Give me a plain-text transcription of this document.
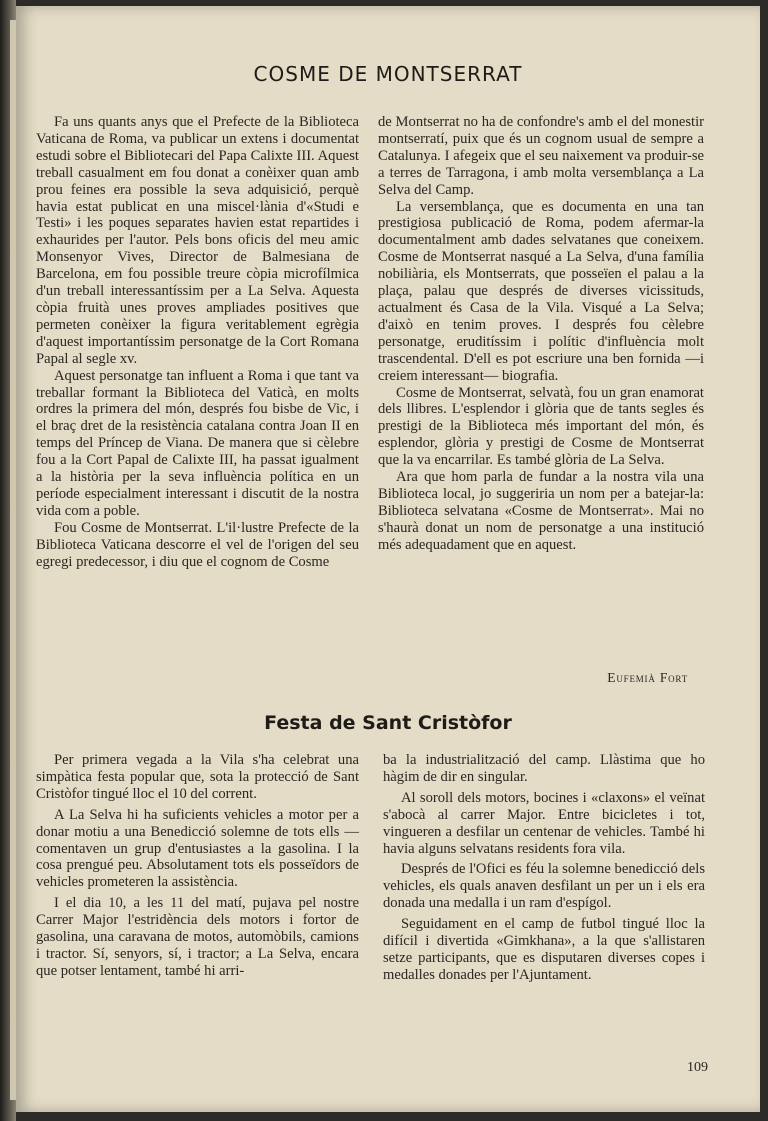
COSME DE MONTSERRAT

Fa uns quants anys que el Prefecte de la Biblioteca Vaticana de Roma, va publicar un extens i documentat estudi sobre el Bibliotecari del Papa Calixte III. Aquest treball casualment em fou donat a conèixer quan amb prou feines era possible la seva adquisició, perquè havia estat publicat en una miscel·lània d'«Studi e Testi» i les poques separates havien estat repartides i exhaurides per l'autor. Pels bons oficis del meu amic Monsenyor Vives, Director de Balmesiana de Barcelona, em fou possible treure còpia microfílmica d'un treball interessantíssim per a La Selva. Aquesta còpia fruità unes proves ampliades positives que permeten conèixer la figura veritablement egrègia d'aquest importantíssim personatge de la Cort Romana Papal al segle xv.

Aquest personatge tan influent a Roma i que tant va treballar formant la Biblioteca del Vaticà, en molts ordres la primera del món, després fou bisbe de Vic, i el braç dret de la resistència catalana contra Joan II en temps del Príncep de Viana. De manera que si cèlebre fou a la Cort Papal de Calixte III, ha passat igualment a la història per la seva influència política en un període especialment interessant i discutit de la nostra vida com a poble.

Fou Cosme de Montserrat. L'il·lustre Prefecte de la Biblioteca Vaticana descorre el vel de l'origen del seu egregi predecessor, i diu que el cognom de Cosme

de Montserrat no ha de confondre's amb el del monestir montserratí, puix que és un cognom usual de sempre a Catalunya. I afegeix que el seu naixement va produir-se a terres de Tarragona, i amb molta versemblança a La Selva del Camp.

La versemblança, que es documenta en una tan prestigiosa publicació de Roma, podem afermar-la documentalment amb dades selvatanes que coneixem. Cosme de Montserrat nasqué a La Selva, d'una família nobiliària, els Montserrats, que posseïen el palau a la plaça, palau que després de diverses vicissituds, actualment és Casa de la Vila. Visqué a La Selva; d'això en tenim proves. I després fou cèlebre personatge, eruditíssim i polític d'influència molt trascendental. D'ell es pot escriure una ben fornida —i creiem interessant— biografia.

Cosme de Montserrat, selvatà, fou un gran enamorat dels llibres. L'esplendor i glòria que de tants segles és prestigi de la Biblioteca més important del món, és esplendor, glòria y prestigi de Cosme de Montserrat que la va encarrilar. Es també glòria de La Selva.

Ara que hom parla de fundar a la nostra vila una Biblioteca local, jo suggeriria un nom per a batejar-la: Biblioteca selvatana «Cosme de Montserrat». Mai no s'haurà donat un nom de personatge a una institució més adequadament que en aquest.

Eufemià Fort
Festa de Sant Cristòfor

Per primera vegada a la Vila s'ha celebrat una simpàtica festa popular que, sota la protecció de Sant Cristòfor tingué lloc el 10 del corrent.

A La Selva hi ha suficients vehicles a motor per a donar motiu a una Benedicció solemne de tots ells — comentaven un grup d'entusiastes a la gasolina. I la cosa prengué peu. Absolutament tots els posseïdors de vehicles prometeren la assistència.

I el dia 10, a les 11 del matí, pujava pel nostre Carrer Major l'estridència dels motors i fortor de gasolina, una caravana de motos, automòbils, camions i tractor. Sí, senyors, sí, i tractor; a La Selva, encara que potser lentament, també hi arri-

ba la industrialització del camp. Llàstima que ho hàgim de dir en singular.

Al soroll dels motors, bocines i «claxons» el veïnat s'abocà al carrer Major. Entre bicicletes i tot, vingueren a desfilar un centenar de vehicles. També hi havia alguns selvatans residents fora vila.

Després de l'Ofici es féu la solemne benedicció dels vehicles, els quals anaven desfilant un per un i els era donada una medalla i un ram d'espígol.

Seguidament en el camp de futbol tingué lloc la difícil i divertida «Gimkhana», a la que s'allistaren setze participants, que es disputaren diverses copes i medalles donades per l'Ajuntament.

109
